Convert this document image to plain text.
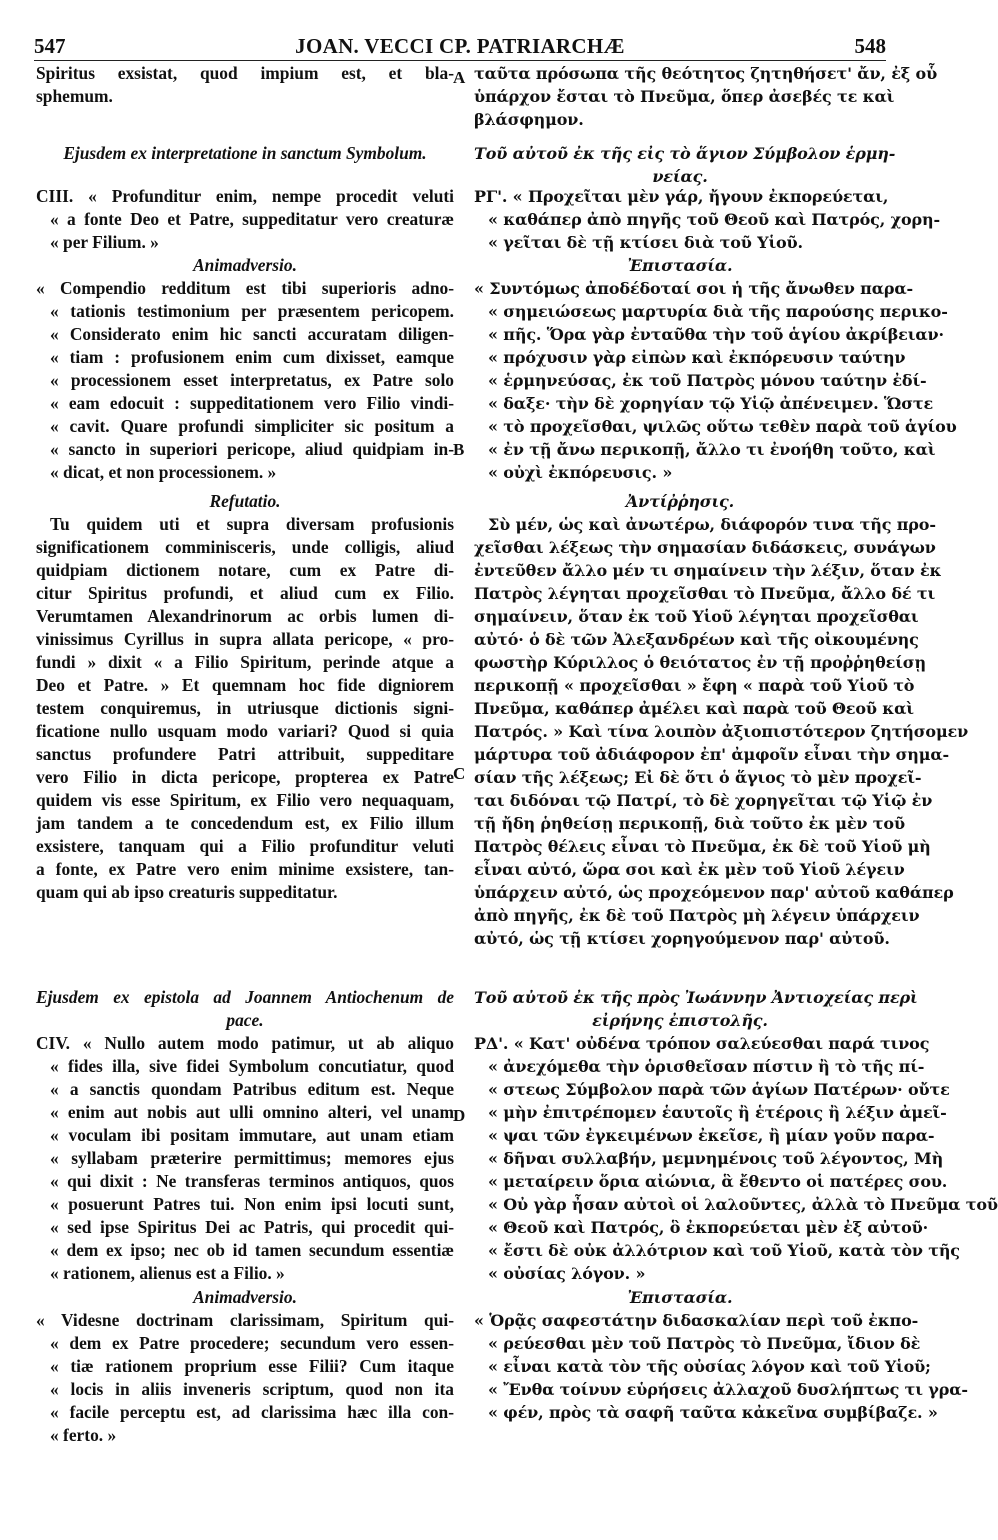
547	JOAN. VECCI CP. PATRIARCHÆ	548
Spiritus exsistat, quod impium est, et bla-
sphemum.
Ejusdem ex interpretatione in sanctum Symbolum.
CIII. « Profunditur enim, nempe procedit veluti
« a fonte Deo et Patre, suppeditatur vero creaturæ
« per Filium. »
Animadversio.
« Compendio redditum est tibi superioris adno-
« tationis testimonium per præsentem pericopem.
« Considerato enim hic sancti accuratam diligen-
« tiam : profusionem enim cum dixisset, eamque
« processionem esset interpretatus, ex Patre solo
« eam edocuit : suppeditationem vero Filio vindi-
« cavit. Quare profundi simpliciter sic positum a
« sancto in superiori pericope, aliud quidpiam in-
« dicat, et non processionem. »
Refutatio.
Tu quidem uti et supra diversam profusionis
significationem comminisceris, unde colligis, aliud
quidpiam dictionem notare, cum ex Patre di-
citur Spiritus profundi, et aliud cum ex Filio.
Verumtamen Alexandrinorum ac orbis lumen di-
vinissimus Cyrillus in supra allata pericope, « pro-
fundi » dixit « a Filio Spiritum, perinde atque a
Deo et Patre. » Et quemnam hoc fide digniorem
testem conquiremus, in utriusque dictionis signi-
ficatione nullo usquam modo variari? Quod si quia
sanctus profundere Patri attribuit, suppeditare
vero Filio in dicta pericope, propterea ex Patre
quidem vis esse Spiritum, ex Filio vero nequaquam,
jam tandem a te concedendum est, ex Filio illum
exsistere, tanquam qui a Filio profunditur veluti
a fonte, ex Patre vero enim minime exsistere, tan-
quam qui ab ipso creaturis suppeditatur.
Ejusdem ex epistola ad Joannem Antiochenum de
pace.
CIV. « Nullo autem modo patimur, ut ab aliquo
« fides illa, sive fidei Symbolum concutiatur, quod
« a sanctis quondam Patribus editum est. Neque
« enim aut nobis aut ulli omnino alteri, vel unam
« voculam ibi positam immutare, aut unam etiam
« syllabam præterire permittimus; memores ejus
« qui dixit : Ne transferas terminos antiquos, quos
« posuerunt Patres tui. Non enim ipsi locuti sunt,
« sed ipse Spiritus Dei ac Patris, qui procedit qui-
« dem ex ipso; nec ob id tamen secundum essentiæ
« rationem, alienus est a Filio. »
Animadversio.
« Videsne doctrinam clarissimam, Spiritum qui-
« dem ex Patre procedere; secundum vero essen-
« tiæ rationem proprium esse Filii? Cum itaque
« locis in aliis inveneris scriptum, quod non ita
« facile perceptu est, ad clarissima hæc illa con-
« ferto. »
A
B
C
D
ταῦτα πρόσωπα τῆς θεότητος ζητηθήσετ' ἄν, ἐξ οὗ
ὑπάρχον ἔσται τὸ Πνεῦμα, ὅπερ ἀσεβές τε καὶ
βλάσφημον.
Τοῦ αὐτοῦ ἐκ τῆς εἰς τὸ ἅγιον Σύμβολον ἑρμη-
νείας.
ΡΓ'. « Προχεῖται μὲν γάρ, ἤγουν ἐκπορεύεται,
« καθάπερ ἀπὸ πηγῆς τοῦ Θεοῦ καὶ Πατρός, χορη-
« γεῖται δὲ τῇ κτίσει διὰ τοῦ Υἱοῦ.
Ἐπιστασία.
« Συντόμως ἀποδέδοταί σοι ἡ τῆς ἄνωθεν παρα-
« σημειώσεως μαρτυρία διὰ τῆς παρούσης περικο-
« πῆς. Ὅρα γὰρ ἐνταῦθα τὴν τοῦ ἁγίου ἀκρίβειαν·
« πρόχυσιν γὰρ εἰπὼν καὶ ἐκπόρευσιν ταύτην
« ἑρμηνεύσας, ἐκ τοῦ Πατρὸς μόνου ταύτην ἐδί-
« δαξε· τὴν δὲ χορηγίαν τῷ Υἱῷ ἀπένειμεν. Ὥστε
« τὸ προχεῖσθαι, ψιλῶς οὕτω τεθὲν παρὰ τοῦ ἁγίου
« ἐν τῇ ἄνω περικοπῇ, ἄλλο τι ἐνοήθη τοῦτο, καὶ
« οὐχὶ ἐκπόρευσις. »
Ἀντίῤῥησις.
Σὺ μέν, ὡς καὶ ἀνωτέρω, διάφορόν τινα τῆς προ-
χεῖσθαι λέξεως τὴν σημασίαν διδάσκεις, συνάγων
ἐντεῦθεν ἄλλο μέν τι σημαίνειν τὴν λέξιν, ὅταν ἐκ
Πατρὸς λέγηται προχεῖσθαι τὸ Πνεῦμα, ἄλλο δέ τι
σημαίνειν, ὅταν ἐκ τοῦ Υἱοῦ λέγηται προχεῖσθαι
αὐτό· ὁ δὲ τῶν Ἀλεξανδρέων καὶ τῆς οἰκουμένης
φωστὴρ Κύριλλος ὁ θειότατος ἐν τῇ προῤῥηθείσῃ
περικοπῇ « προχεῖσθαι » ἔφη « παρὰ τοῦ Υἱοῦ τὸ
Πνεῦμα, καθάπερ ἀμέλει καὶ παρὰ τοῦ Θεοῦ καὶ
Πατρός. » Καὶ τίνα λοιπὸν ἀξιοπιστότερον ζητήσομεν
μάρτυρα τοῦ ἀδιάφορον ἐπ' ἀμφοῖν εἶναι τὴν σημα-
σίαν τῆς λέξεως; Εἰ δὲ ὅτι ὁ ἅγιος τὸ μὲν προχεῖ-
ται διδόναι τῷ Πατρί, τὸ δὲ χορηγεῖται τῷ Υἱῷ ἐν
τῇ ἤδη ῥηθείσῃ περικοπῇ, διὰ τοῦτο ἐκ μὲν τοῦ
Πατρὸς θέλεις εἶναι τὸ Πνεῦμα, ἐκ δὲ τοῦ Υἱοῦ μὴ
εἶναι αὐτό, ὥρα σοι καὶ ἐκ μὲν τοῦ Υἱοῦ λέγειν
ὑπάρχειν αὐτό, ὡς προχεόμενον παρ' αὐτοῦ καθάπερ
ἀπὸ πηγῆς, ἐκ δὲ τοῦ Πατρὸς μὴ λέγειν ὑπάρχειν
αὐτό, ὡς τῇ κτίσει χορηγούμενον παρ' αὐτοῦ.
Τοῦ αὐτοῦ ἐκ τῆς πρὸς Ἰωάννην Ἀντιοχείας περὶ
εἰρήνης ἐπιστολῆς.
ΡΔ'. « Κατ' οὐδένα τρόπον σαλεύεσθαι παρά τινος
« ἀνεχόμεθα τὴν ὁρισθεῖσαν πίστιν ἢ τὸ τῆς πί-
« στεως Σύμβολον παρὰ τῶν ἁγίων Πατέρων· οὔτε
« μὴν ἐπιτρέπομεν ἑαυτοῖς ἢ ἑτέροις ἢ λέξιν ἀμεῖ-
« ψαι τῶν ἐγκειμένων ἐκεῖσε, ἢ μίαν γοῦν παρα-
« δῆναι συλλαβήν, μεμνημένοις τοῦ λέγοντος, Μὴ
« μεταίρειν ὅρια αἰώνια, ἃ ἔθεντο οἱ πατέρες σου.
« Οὐ γὰρ ἦσαν αὐτοὶ οἱ λαλοῦντες, ἀλλὰ τὸ Πνεῦμα τοῦ
« Θεοῦ καὶ Πατρός, ὃ ἐκπορεύεται μὲν ἐξ αὐτοῦ·
« ἔστι δὲ οὐκ ἀλλότριον καὶ τοῦ Υἱοῦ, κατὰ τὸν τῆς
« οὐσίας λόγον. »
Ἐπιστασία.
« Ὁρᾷς σαφεστάτην διδασκαλίαν περὶ τοῦ ἐκπο-
« ρεύεσθαι μὲν τοῦ Πατρὸς τὸ Πνεῦμα, ἴδιον δὲ
« εἶναι κατὰ τὸν τῆς οὐσίας λόγον καὶ τοῦ Υἱοῦ;
« Ἔνθα τοίνυν εὑρήσεις ἀλλαχοῦ δυσλήπτως τι γρα-
« φέν, πρὸς τὰ σαφῆ ταῦτα κἀκεῖνα συμβίβαζε. »
